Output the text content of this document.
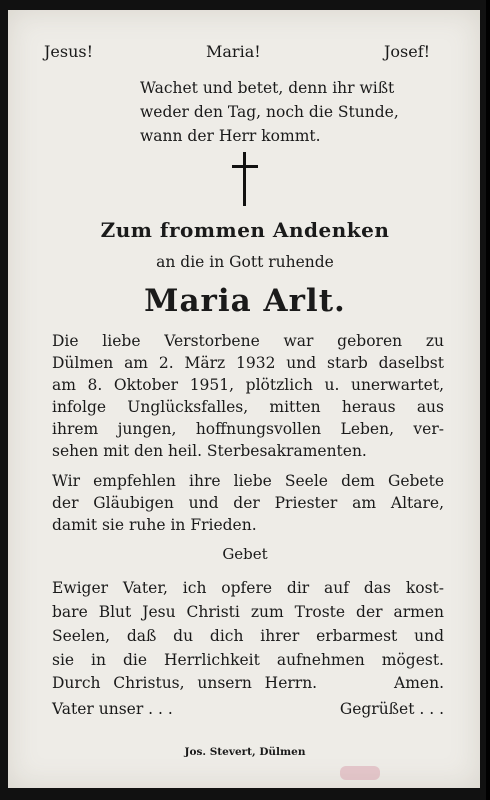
Jesus!	Maria!	Josef!
Wachet und betet, denn ihr wißt
weder den Tag, noch die Stunde,
wann der Herr kommt.
Zum frommen Andenken
an die in Gott ruhende
Maria Arlt.
Die liebe Verstorbene war geboren zu
Dülmen am 2. März 1932 und starb daselbst
am 8. Oktober 1951, plötzlich u. unerwartet,
infolge Unglücksfalles, mitten heraus aus
ihrem jungen, hoffnungsvollen Leben, ver-
sehen mit den heil. Sterbesakramenten.
Wir empfehlen ihre liebe Seele dem Gebete
der Gläubigen und der Priester am Altare,
damit sie ruhe in Frieden.
Gebet
Ewiger Vater, ich opfere dir auf das kost-
bare Blut Jesu Christi zum Troste der armen
Seelen, daß du dich ihrer erbarmest und
sie in die Herrlichkeit aufnehmen mögest.
Durch Christus, unsern Herrn.      Amen.
Vater unser . . .	Gegrüßet . . .
Jos. Stevert, Dülmen
